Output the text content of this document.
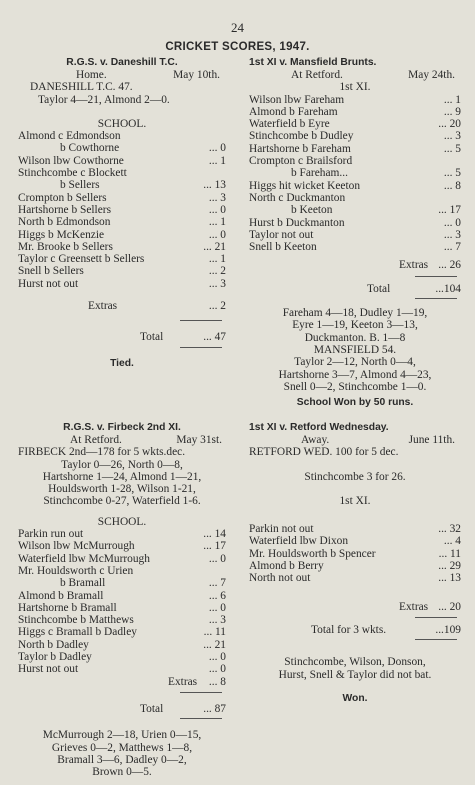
24
CRICKET SCORES, 1947.
R.G.S. v. Daneshill T.C.
Home.	May 10th.
DANESHILL T.C. 47.
Taylor 4—21, Almond 2—0.
SCHOOL.
Almond c Edmondson
b Cowthorne	... 0
Wilson lbw Cowthorne	... 1
Stinchcombe c Blockett
b Sellers	... 13
Crompton b Sellers	... 3
Hartshorne b Sellers	... 0
North b Edmondson	... 1
Higgs b McKenzie	... 0
Mr. Brooke b Sellers	... 21
Taylor c Greensett b Sellers	... 1
Snell b Sellers	... 2
Hurst not out	... 3
Extras	... 2
Total	... 47
Tied.
1st XI v. Mansfield Brunts.
At Retford.	May 24th.
1st XI.
Wilson lbw Fareham	... 1
Almond b Fareham	... 9
Waterfield b Eyre	... 20
Stinchcombe b Dudley	... 3
Hartshorne b Fareham	... 5
Crompton c Brailsford
b Fareham...	... 5
Higgs hit wicket Keeton	... 8
North c Duckmanton
b Keeton	... 17
Hurst b Duckmanton	... 0
Taylor not out	... 3
Snell b Keeton	... 7
Extras ... 26
Total	...104
Fareham 4—18, Dudley 1—19,
Eyre 1—19, Keeton 3—13,
Duckmanton. B. 1—8
MANSFIELD 54.
Taylor 2—12, North 0—4,
Hartshorne 3—7, Almond 4—23,
Snell 0—2, Stinchcombe 1—0.
School Won by 50 runs.
R.G.S. v. Firbeck 2nd XI.
At Retford.	May 31st.
FIRBECK 2nd—178 for 5 wkts.dec.
Taylor 0—26, North 0—8,
Hartshorne 1—24, Almond 1—21,
Houldsworth 1-28, Wilson 1-21,
Stinchcombe 0-27, Waterfield 1-6.
SCHOOL.
Parkin run out	... 14
Wilson lbw McMurrough	... 17
Waterfield lbw McMurrough	... 0
Mr. Houldsworth c Urien
b Bramall	... 7
Almond b Bramall	... 6
Hartshorne b Bramall	... 0
Stinchcombe b Matthews	... 3
Higgs c Bramall b Dadley	... 11
North b Dadley	... 21
Taylor b Dadley	... 0
Hurst not out	... 0
Extras ... 8
Total	... 87
McMurrough 2—18, Urien 0—15,
Grieves 0—2, Matthews 1—8,
Bramall 3—6, Dadley 0—2,
Brown 0—5.
1st XI v. Retford Wednesday.
Away.	June 11th.
RETFORD WED. 100 for 5 dec.
Stinchcombe 3 for 26.
1st XI.
Parkin not out	... 32
Waterfield lbw Dixon	... 4
Mr. Houldsworth b Spencer	... 11
Almond b Berry	... 29
North not out	... 13
Extras ... 20
Total for 3 wkts.	...109
Stinchcombe, Wilson, Donson,
Hurst, Snell & Taylor did not bat.
Won.
